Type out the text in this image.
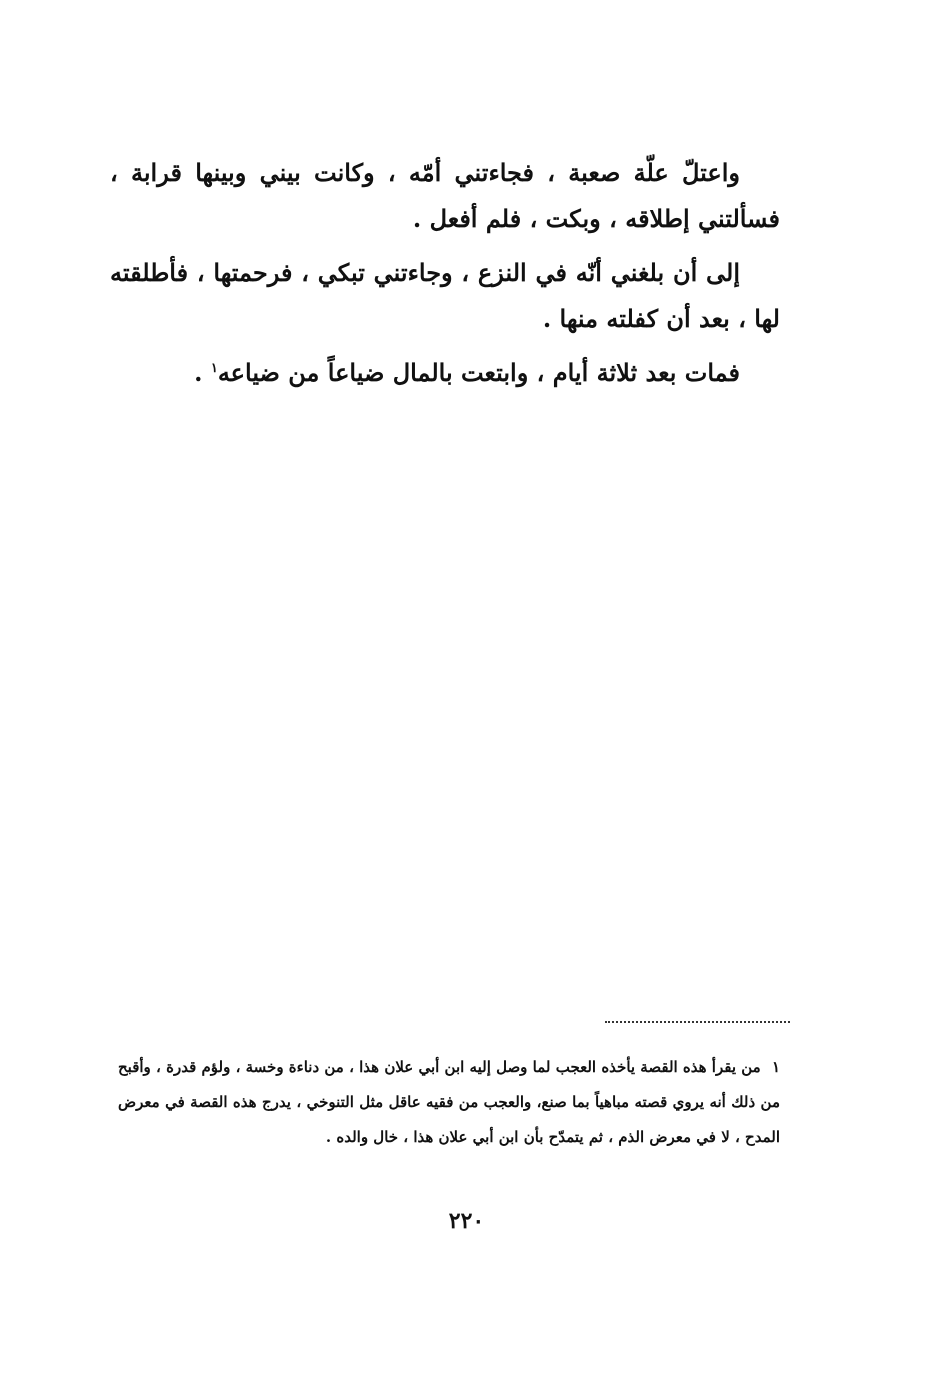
واعتلّ علّة صعبة ، فجاءتني أمّه ، وكانت بيني وبينها قرابة ، فسألتني إطلاقه ، وبكت ، فلم أفعل .

إلى أن بلغني أنّه في النزع ، وجاءتني تبكي ، فرحمتها ، فأطلقته لها ، بعد أن كفلته منها .

فمات بعد ثلاثة أيام ، وابتعت بالمال ضياعاً من ضياعه$^١$ .

١ من يقرأ هذه القصة يأخذه العجب لما وصل إليه ابن أبي علان هذا ، من دناءة وخسة ، ولؤم قدرة ، وأقبح من ذلك أنه يروي قصته مباهياً بما صنع، والعجب من فقيه عاقل مثل التنوخي ، يدرج هذه القصة في معرض المدح ، لا في معرض الذم ، ثم يتمدّح بأن ابن أبي علان هذا ، خال والده .
٢٢٠
